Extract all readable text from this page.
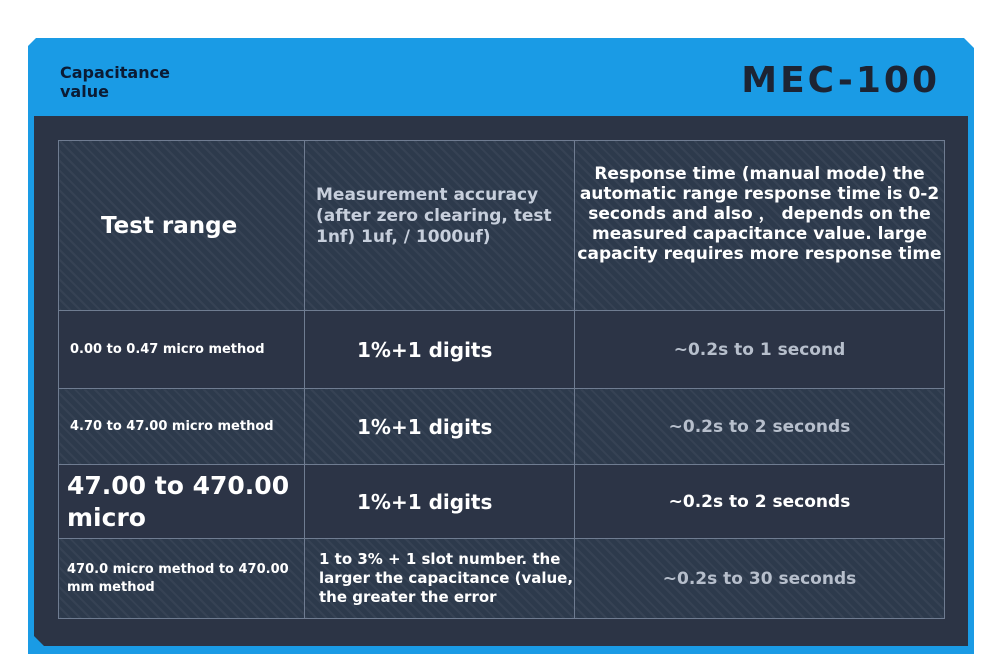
Capacitance value	MEC-100
Test range	Measurement accuracy (after zero clearing, test 1nf) 1uf, / 1000uf)	Response time (manual mode) the automatic range response time is 0-2 seconds and also ， depends on the measured capacitance value. large capacity requires more response time
0.00 to 0.47 micro method	1%+1 digits	~0.2s to 1 second
4.70 to 47.00 micro method	1%+1 digits	~0.2s to 2 seconds
47.00 to 470.00 micro	1%+1 digits	~0.2s to 2 seconds
470.0 micro method to 470.00 mm method	1 to 3% + 1 slot number. the larger the capacitance (value, the greater the error	~0.2s to 30 seconds
